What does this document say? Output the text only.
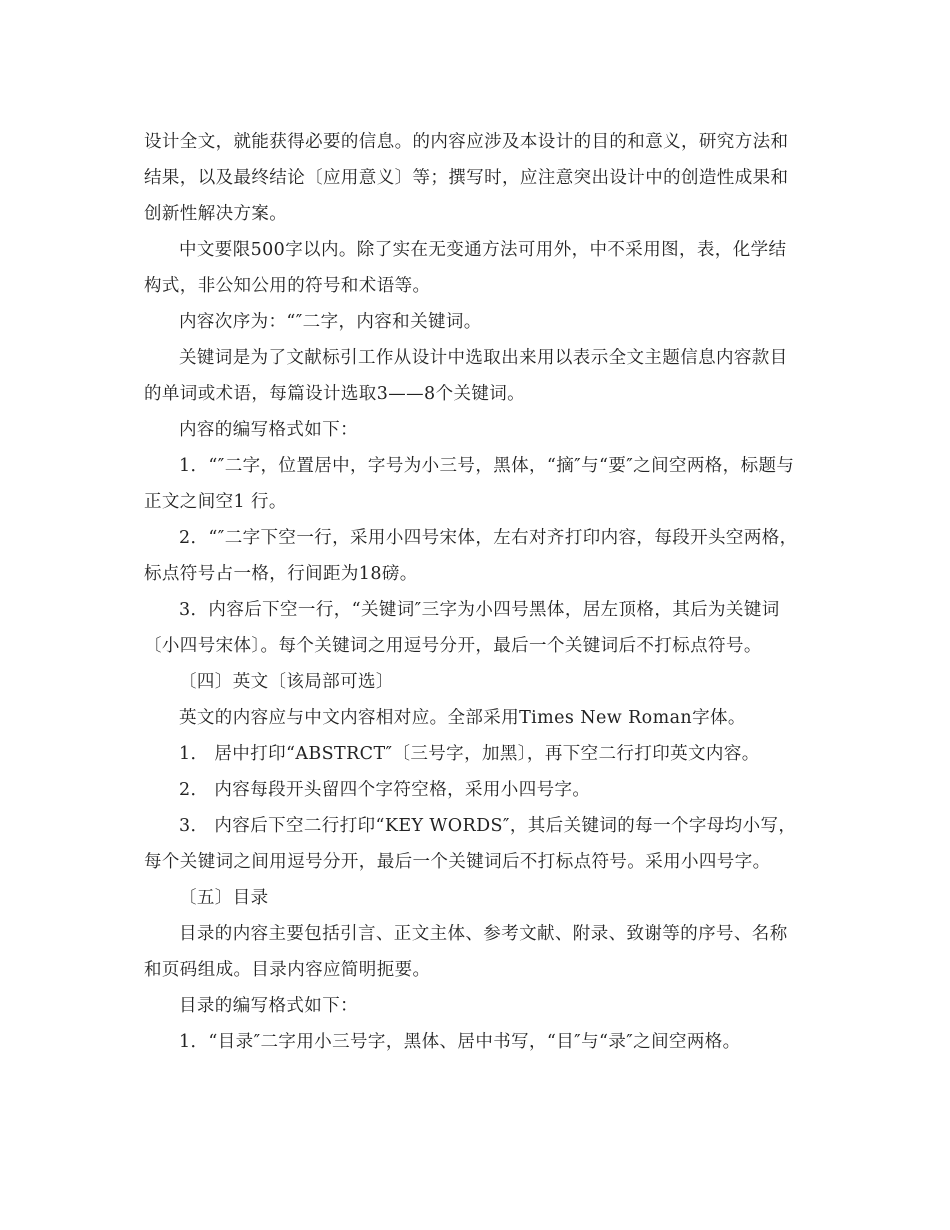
设计全文，就能获得必要的信息。的内容应涉及本设计的目的和意义，研究方法和结果，以及最终结论〔应用意义〕等；撰写时，应注意突出设计中的创造性成果和创新性解决方案。

中文要限500字以内。除了实在无变通方法可用外，中不采用图，表，化学结构式，非公知公用的符号和术语等。

内容次序为：“″二字，内容和关键词。

关键词是为了文献标引工作从设计中选取出来用以表示全文主题信息内容款目的单词或术语，每篇设计选取3——8个关键词。

内容的编写格式如下：

1．“″二字，位置居中，字号为小三号，黑体，“摘″与“要″之间空两格，标题与正文之间空1 行。

2．“″二字下空一行，采用小四号宋体，左右对齐打印内容，每段开头空两格，标点符号占一格，行间距为18磅。

3．内容后下空一行，“关键词″三字为小四号黑体，居左顶格，其后为关键词〔小四号宋体〕。每个关键词之用逗号分开，最后一个关键词后不打标点符号。

〔四〕英文〔该局部可选〕

英文的内容应与中文内容相对应。全部采用Times New Roman字体。

1． 居中打印“ABSTRCT″〔三号字，加黑〕，再下空二行打印英文内容。

2． 内容每段开头留四个字符空格，采用小四号字。

3． 内容后下空二行打印“KEY WORDS″，其后关键词的每一个字母均小写，每个关键词之间用逗号分开，最后一个关键词后不打标点符号。采用小四号字。

〔五〕目录

目录的内容主要包括引言、正文主体、参考文献、附录、致谢等的序号、名称和页码组成。目录内容应简明扼要。

目录的编写格式如下：

1．“目录″二字用小三号字，黑体、居中书写，“目″与“录″之间空两格。
